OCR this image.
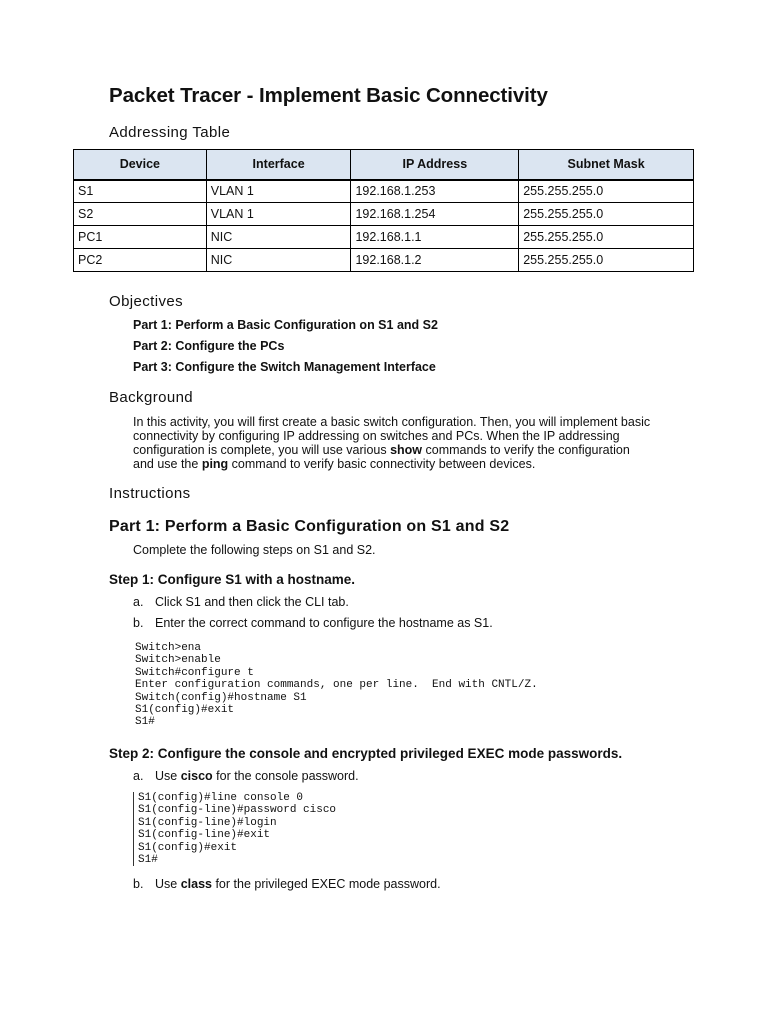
Packet Tracer - Implement Basic Connectivity
Addressing Table
Device	Interface	IP Address	Subnet Mask
S1	VLAN 1	192.168.1.253	255.255.255.0
S2	VLAN 1	192.168.1.254	255.255.255.0
PC1	NIC	192.168.1.1	255.255.255.0
PC2	NIC	192.168.1.2	255.255.255.0
Objectives
Part 1: Perform a Basic Configuration on S1 and S2
Part 2: Configure the PCs
Part 3: Configure the Switch Management Interface
Background
In this activity, you will first create a basic switch configuration. Then, you will implement basic connectivity by configuring IP addressing on switches and PCs. When the IP addressing configuration is complete, you will use various show commands to verify the configuration and use the ping command to verify basic connectivity between devices.
Instructions
Part 1: Perform a Basic Configuration on S1 and S2
Complete the following steps on S1 and S2.
Step 1: Configure S1 with a hostname.
a. Click S1 and then click the CLI tab.
b. Enter the correct command to configure the hostname as S1.
Switch>ena
Switch>enable
Switch#configure t
Enter configuration commands, one per line.  End with CNTL/Z.
Switch(config)#hostname S1
S1(config)#exit
S1#
Step 2: Configure the console and encrypted privileged EXEC mode passwords.
a. Use cisco for the console password.
S1(config)#line console 0
S1(config-line)#password cisco
S1(config-line)#login
S1(config-line)#exit
S1(config)#exit
S1#
b. Use class for the privileged EXEC mode password.
